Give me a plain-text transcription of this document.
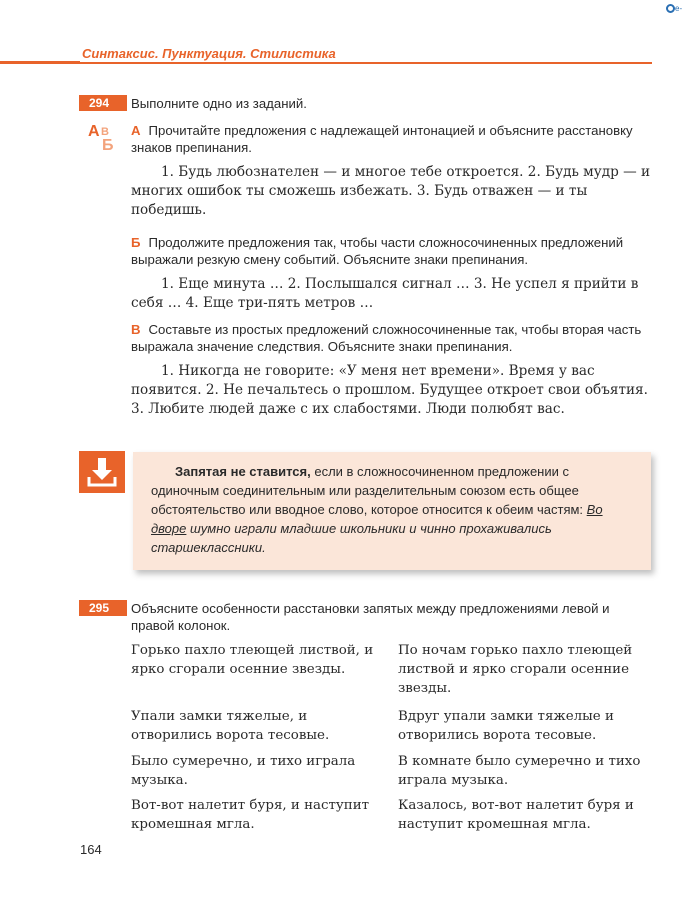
e-
Синтаксис. Пунктуация. Стилистика
294	Выполните одно из заданий.
А
Б
В А Прочитайте предложения с надлежащей интонацией и объясните расстановку знаков препинания.
1. Будь любознателен — и многое тебе откроется. 2. Будь мудр — и многих ошибок ты сможешь избежать. 3. Будь отважен — и ты победишь.
Б Продолжите предложения так, чтобы части сложносочиненных предложений выражали резкую смену событий. Объясните знаки препинания.
1. Еще минута … 2. Послышался сигнал … 3. Не успел я прийти в себя … 4. Еще три-пять метров …
В Составьте из простых предложений сложносочиненные так, чтобы вторая часть выражала значение следствия. Объясните знаки препинания.
1. Никогда не говорите: «У меня нет времени». Время у вас появится. 2. Не печальтесь о прошлом. Будущее откроет свои объятия. 3. Любите людей даже с их слабостями. Люди полюбят вас.
Запятая не ставится, если в сложносочиненном предложении с одиночным соединительным или разделительным союзом есть общее обстоятельство или вводное слово, которое относится к обеим частям: Во дворе шумно играли младшие школьники и чинно прохаживались старшеклассники.
295	Объясните особенности расстановки запятых между предложениями левой и правой колонок.
Горько пахло тлеющей листвой, и ярко сгорали осенние звезды.
Упали замки тяжелые, и отворились ворота тесовые.
Было сумеречно, и тихо играла музыка.
Вот-вот налетит буря, и наступит кромешная мгла.
По ночам горько пахло тлеющей листвой и ярко сгорали осенние звезды.
Вдруг упали замки тяжелые и отворились ворота тесовые.
В комнате было сумеречно и тихо играла музыка.
Казалось, вот-вот налетит буря и наступит кромешная мгла.
164
